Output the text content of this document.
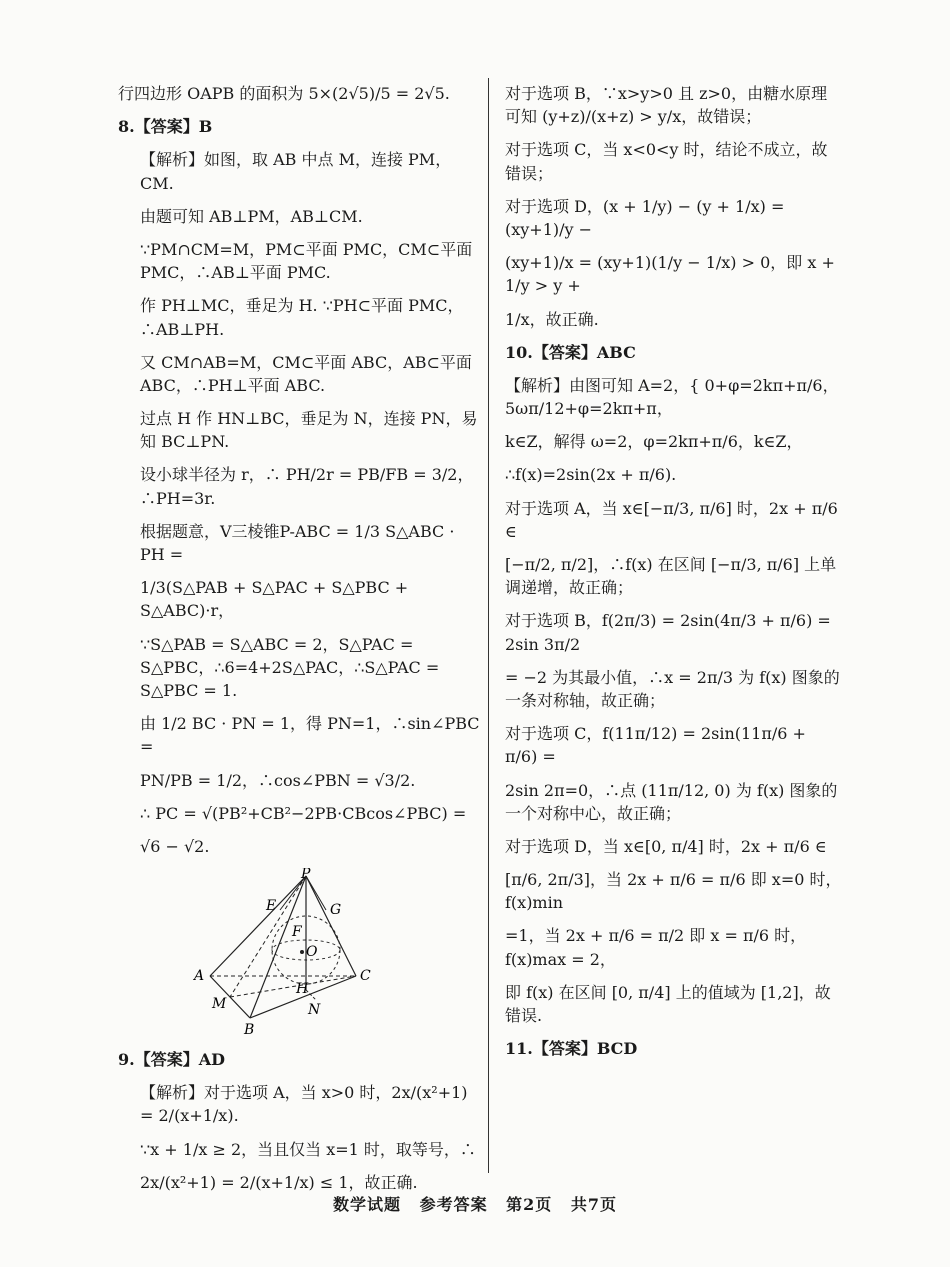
行四边形 OAPB 的面积为 5×(2√5)/5 = 2√5.

8.【答案】B

【解析】如图，取 AB 中点 M，连接 PM，CM.

由题可知 AB⊥PM，AB⊥CM.

∵PM∩CM=M，PM⊂平面 PMC，CM⊂平面 PMC，∴AB⊥平面 PMC.

作 PH⊥MC，垂足为 H. ∵PH⊂平面 PMC，∴AB⊥PH.

又 CM∩AB=M，CM⊂平面 ABC，AB⊂平面 ABC，∴PH⊥平面 ABC.

过点 H 作 HN⊥BC，垂足为 N，连接 PN，易知 BC⊥PN.

设小球半径为 r，∴ PH/2r = PB/FB = 3/2，∴PH=3r.

根据题意，V三棱锥P-ABC = 1/3 S△ABC · PH =

1/3(S△PAB + S△PAC + S△PBC + S△ABC)·r，

∵S△PAB = S△ABC = 2，S△PAC = S△PBC，∴6=4+2S△PAC，∴S△PAC = S△PBC = 1.

由 1/2 BC · PN = 1，得 PN=1，∴sin∠PBC =

PN/PB = 1/2，∴cos∠PBN = √3/2.

∴ PC = √(PB²+CB²−2PB·CBcos∠PBC) =

√6 − √2.

P
E	G
F
O
A	C
H
M	N
B

9.【答案】AD

【解析】对于选项 A，当 x>0 时，2x/(x²+1) = 2/(x+1/x).

∵x + 1/x ≥ 2，当且仅当 x=1 时，取等号，∴

2x/(x²+1) = 2/(x+1/x) ≤ 1，故正确.

对于选项 B，∵x>y>0 且 z>0，由糖水原理可知 (y+z)/(x+z) > y/x，故错误；

对于选项 C，当 x<0<y 时，结论不成立，故错误；

对于选项 D，(x + 1/y) − (y + 1/x) = (xy+1)/y −

(xy+1)/x = (xy+1)(1/y − 1/x) > 0，即 x + 1/y > y +

1/x，故正确.

10.【答案】ABC

【解析】由图可知 A=2，{ 0+φ=2kπ+π/6， 5ωπ/12+φ=2kπ+π，

k∈Z，解得 ω=2，φ=2kπ+π/6，k∈Z，

∴f(x)=2sin(2x + π/6).

对于选项 A，当 x∈[−π/3, π/6] 时，2x + π/6 ∈

[−π/2, π/2]，∴f(x) 在区间 [−π/3, π/6] 上单调递增，故正确；

对于选项 B，f(2π/3) = 2sin(4π/3 + π/6) = 2sin 3π/2

= −2 为其最小值，∴x = 2π/3 为 f(x) 图象的一条对称轴，故正确；

对于选项 C，f(11π/12) = 2sin(11π/6 + π/6) =

2sin 2π=0，∴点 (11π/12, 0) 为 f(x) 图象的一个对称中心，故正确；

对于选项 D，当 x∈[0, π/4] 时，2x + π/6 ∈

[π/6, 2π/3]，当 2x + π/6 = π/6 即 x=0 时，f(x)min

=1，当 2x + π/6 = π/2 即 x = π/6 时，f(x)max = 2，

即 f(x) 在区间 [0, π/4] 上的值域为 [1,2]，故错误.

11.【答案】BCD

数学试题 参考答案 第2页 共7页
